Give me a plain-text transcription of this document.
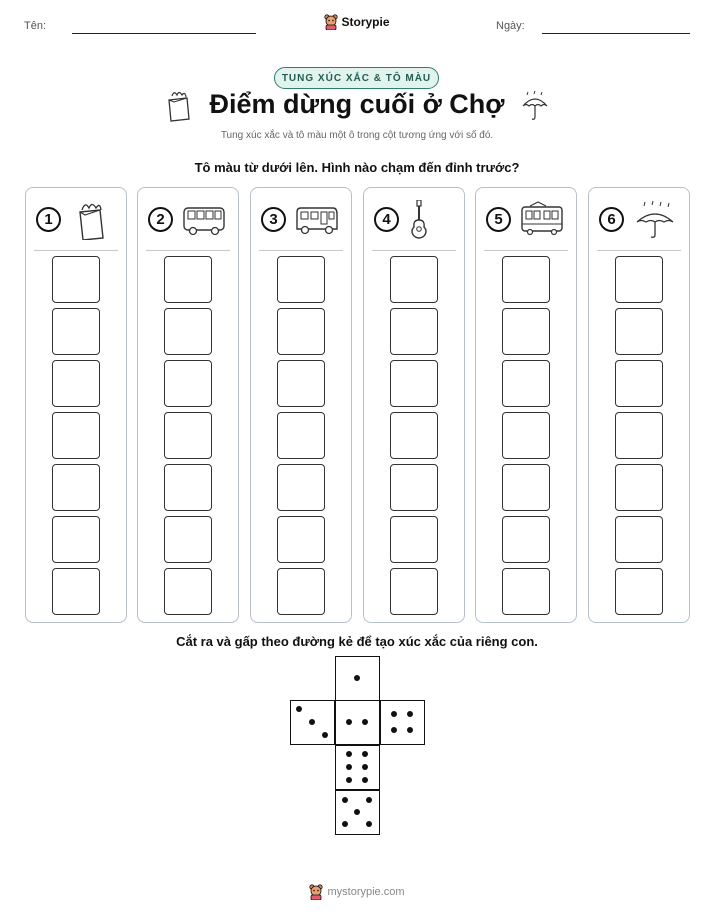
Tên:	Storypie	Ngày:
TUNG XÚC XẮC & TÔ MÀU
Điểm dừng cuối ở Chợ
Tung xúc xắc và tô màu một ô trong cột tương ứng với số đó.
Tô màu từ dưới lên. Hình nào chạm đến đỉnh trước?
1	2	3	4	5	6
Cắt ra và gấp theo đường kẻ để tạo xúc xắc của riêng con.
mystorypie.com
